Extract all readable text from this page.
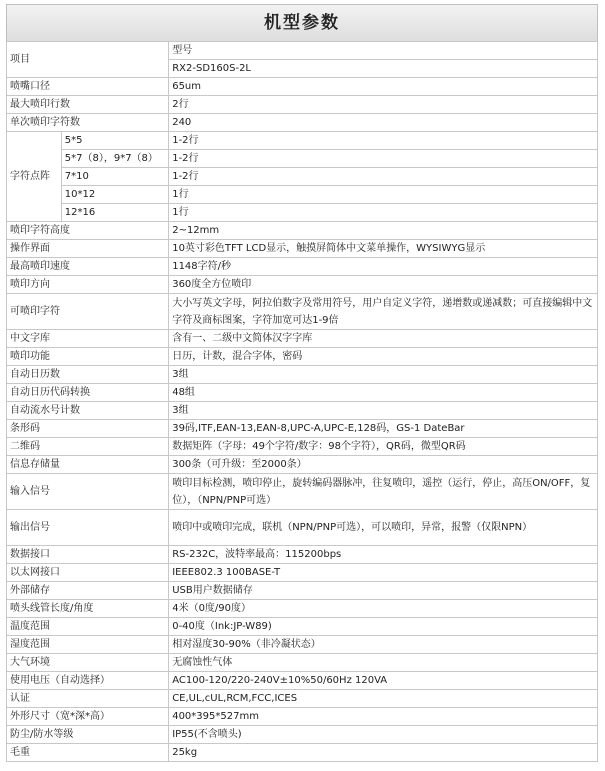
机型参数
项目		型号
		RX2-SD160S-2L
喷嘴口径		65um
最大喷印行数		2行
单次喷印字符数		240
字符点阵	5*5	1-2行
	5*7（8），9*7（8）	1-2行
	7*10	1-2行
	10*12	1行
	12*16	1行
喷印字符高度		2~12mm
操作界面		10英寸彩色TFT LCD显示，触摸屏简体中文菜单操作，WYSIWYG显示
最高喷印速度		1148字符/秒
喷印方向		360度全方位喷印
可喷印字符		大小写英文字母，阿拉伯数字及常用符号，用户自定义字符，递增数或递减数；可直接编辑中文字符及商标图案，字符加宽可达1-9倍
中文字库		含有一、二级中文简体汉字字库
喷印功能		日历，计数，混合字体，密码
自动日历数		3组
自动日历代码转换		48组
自动流水号计数		3组
条形码		39码,ITF,EAN-13,EAN-8,UPC-A,UPC-E,128码，GS-1 DateBar
二维码		数据矩阵（字母：49个字符/数字：98个字符），QR码，微型QR码
信息存储量		300条（可升级：至2000条）
输入信号		喷印目标检测，喷印停止，旋转编码器脉冲，往复喷印，遥控（运行，停止，高压ON/OFF，复位），（NPN/PNP可选）
输出信号		喷印中或喷印完成，联机（NPN/PNP可选），可以喷印，异常，报警（仅限NPN）
数据接口		RS-232C，波特率最高：115200bps
以太网接口		IEEE802.3 100BASE-T
外部储存		USB用户数据储存
喷头线管长度/角度		4米（0度/90度）
温度范围		0-40度（Ink:JP-W89)
湿度范围		相对湿度30-90%（非冷凝状态）
大气环境		无腐蚀性气体
使用电压（自动选择）		AC100-120/220-240V±10%50/60Hz 120VA
认证		CE,UL,cUL,RCM,FCC,ICES
外形尺寸（宽*深*高）		400*395*527mm
防尘/防水等级		IP55(不含喷头)
毛重		25kg
